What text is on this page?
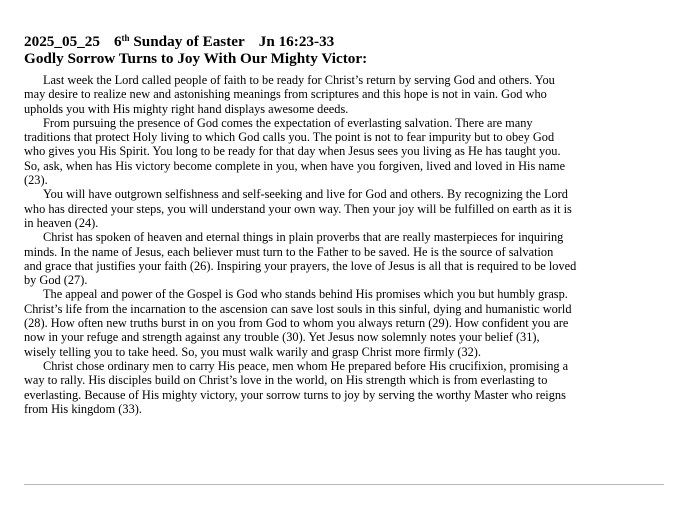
2025_05_25 6th Sunday of Easter Jn 16:23-33
Godly Sorrow Turns to Joy With Our Mighty Victor:

Last week the Lord called people of faith to be ready for Christ’s return by serving God and others. You
may desire to realize new and astonishing meanings from scriptures and this hope is not in vain. God who
upholds you with His mighty right hand displays awesome deeds.

From pursuing the presence of God comes the expectation of everlasting salvation. There are many
traditions that protect Holy living to which God calls you. The point is not to fear impurity but to obey God
who gives you His Spirit. You long to be ready for that day when Jesus sees you living as He has taught you.
So, ask, when has His victory become complete in you, when have you forgiven, lived and loved in His name
(23).

You will have outgrown selfishness and self-seeking and live for God and others. By recognizing the Lord
who has directed your steps, you will understand your own way. Then your joy will be fulfilled on earth as it is
in heaven (24).

Christ has spoken of heaven and eternal things in plain proverbs that are really masterpieces for inquiring
minds. In the name of Jesus, each believer must turn to the Father to be saved. He is the source of salvation
and grace that justifies your faith (26). Inspiring your prayers, the love of Jesus is all that is required to be loved
by God (27).

The appeal and power of the Gospel is God who stands behind His promises which you but humbly grasp.
Christ’s life from the incarnation to the ascension can save lost souls in this sinful, dying and humanistic world
(28). How often new truths burst in on you from God to whom you always return (29). How confident you are
now in your refuge and strength against any trouble (30). Yet Jesus now solemnly notes your belief (31),
wisely telling you to take heed. So, you must walk warily and grasp Christ more firmly (32).

Christ chose ordinary men to carry His peace, men whom He prepared before His crucifixion, promising a
way to rally. His disciples build on Christ’s love in the world, on His strength which is from everlasting to
everlasting. Because of His mighty victory, your sorrow turns to joy by serving the worthy Master who reigns
from His kingdom (33).
